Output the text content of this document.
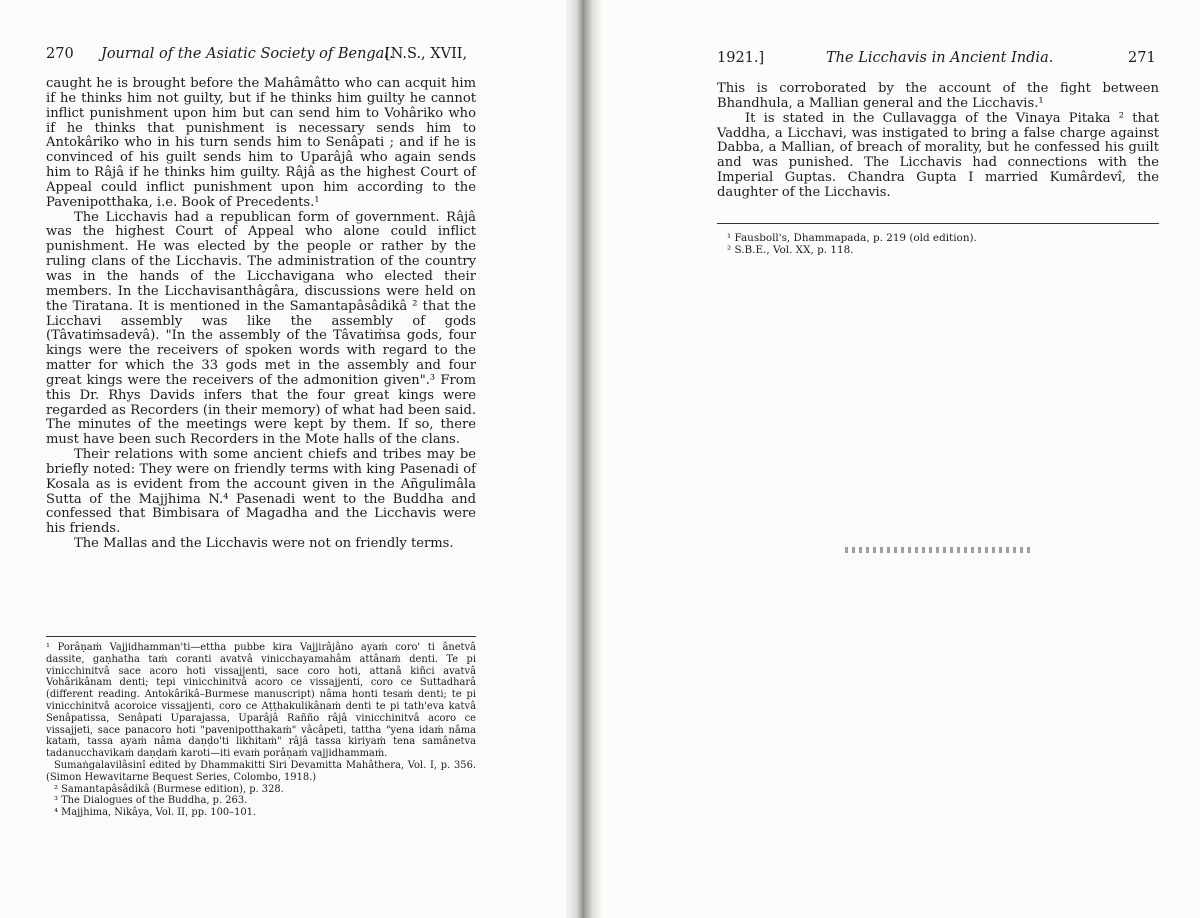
270 Journal of the Asiatic Society of Bengal.
[N.S., XVII,

caught he is brought before the Mahâmâtto who can acquit him if he thinks him not guilty, but if he thinks him guilty he cannot inflict punishment upon him but can send him to Vohâriko who if he thinks that punishment is necessary sends him to Antokâriko who in his turn sends him to Senâpati ; and if he is convinced of his guilt sends him to Uparâjâ who again sends him to Râjâ if he thinks him guilty. Râjâ as the highest Court of Appeal could inflict punishment upon him according to the Pavenipotthaka, i.e. Book of Precedents.¹

The Licchavis had a republican form of government. Râjâ was the highest Court of Appeal who alone could inflict punishment. He was elected by the people or rather by the ruling clans of the Licchavis. The administration of the country was in the hands of the Licchavigana who elected their members. In the Licchavisanthâgâra, discussions were held on the Tiratana. It is mentioned in the Samantapâsâdikâ ² that the Licchavi assembly was like the assembly of gods (Tâvatiṁsadevâ). "In the assembly of the Tâvatiṁsa gods, four kings were the receivers of spoken words with regard to the matter for which the 33 gods met in the assembly and four great kings were the receivers of the admonition given".³ From this Dr. Rhys Davids infers that the four great kings were regarded as Recorders (in their memory) of what had been said. The minutes of the meetings were kept by them. If so, there must have been such Recorders in the Mote halls of the clans.

Their relations with some ancient chiefs and tribes may be briefly noted: They were on friendly terms with king Pasenadi of Kosala as is evident from the account given in the Añgulimâla Sutta of the Majjhima N.⁴ Pasenadi went to the Buddha and confessed that Bimbisara of Magadha and the Licchavis were his friends.

The Mallas and the Licchavis were not on friendly terms.

¹ Porâṇaṁ Vajjidhamman'ti—ettha pubbe kira Vajjirâjâno ayaṁ coro' ti ânetvâ dassite, gaṇhatha taṁ coranti avatvâ vinicchayamahâm attânaṁ denti. Te pi vinicchinitvâ sace acoro hoti vissajjenti, sace coro hoti, attanâ kiñci avatvâ Vohârikânam denti; tepi vinicchinitvâ acoro ce vissajjenti, coro ce Suttadharâ (different reading. Antokârikâ–Burmese manuscript) nâma honti tesaṁ denti; te pi vinicchinitvâ acoroice vissajjenti, coro ce Aṭṭhakulikânaṁ denti te pi tath'eva katvâ Senâpatissa, Senâpati Uparajassa, Uparâjâ Rañño râjâ vinicchinitvâ acoro ce vissajjeti, sace panacoro hoti "pavenipotthakaṁ" vâcâpeti, tattha "yena idaṁ nâma kataṁ, tassa ayaṁ nâma daṇḍo'ti likhitaṁ" râjâ tassa kiriyaṁ tena samânetva tadanucchavikaṁ daṇḍaṁ karoti—iti evaṁ porâṇaṁ vajjidhammaṁ.

Sumaṅgalavilâsinî edited by Dhammakitti Siri Devamitta Mahâthera, Vol. I, p. 356. (Simon Hewavitarne Bequest Series, Colombo, 1918.)

² Samantapâsâdikâ (Burmese edition), p. 328.

³ The Dialogues of the Buddha, p. 263.

⁴ Majjhima, Nikâya, Vol. II, pp. 100–101.

1921.]	The Licchavis in Ancient India.	271

This is corroborated by the account of the fight between Bhandhula, a Mallian general and the Licchavis.¹

It is stated in the Cullavagga of the Vinaya Pitaka ² that Vaddha, a Licchavi, was instigated to bring a false charge against Dabba, a Mallian, of breach of morality, but he confessed his guilt and was punished. The Licchavis had connections with the Imperial Guptas. Chandra Gupta I married Kumârdevî, the daughter of the Licchavis.

¹ Fausboll's, Dhammapada, p. 219 (old edition).

² S.B.E., Vol. XX, p. 118.
